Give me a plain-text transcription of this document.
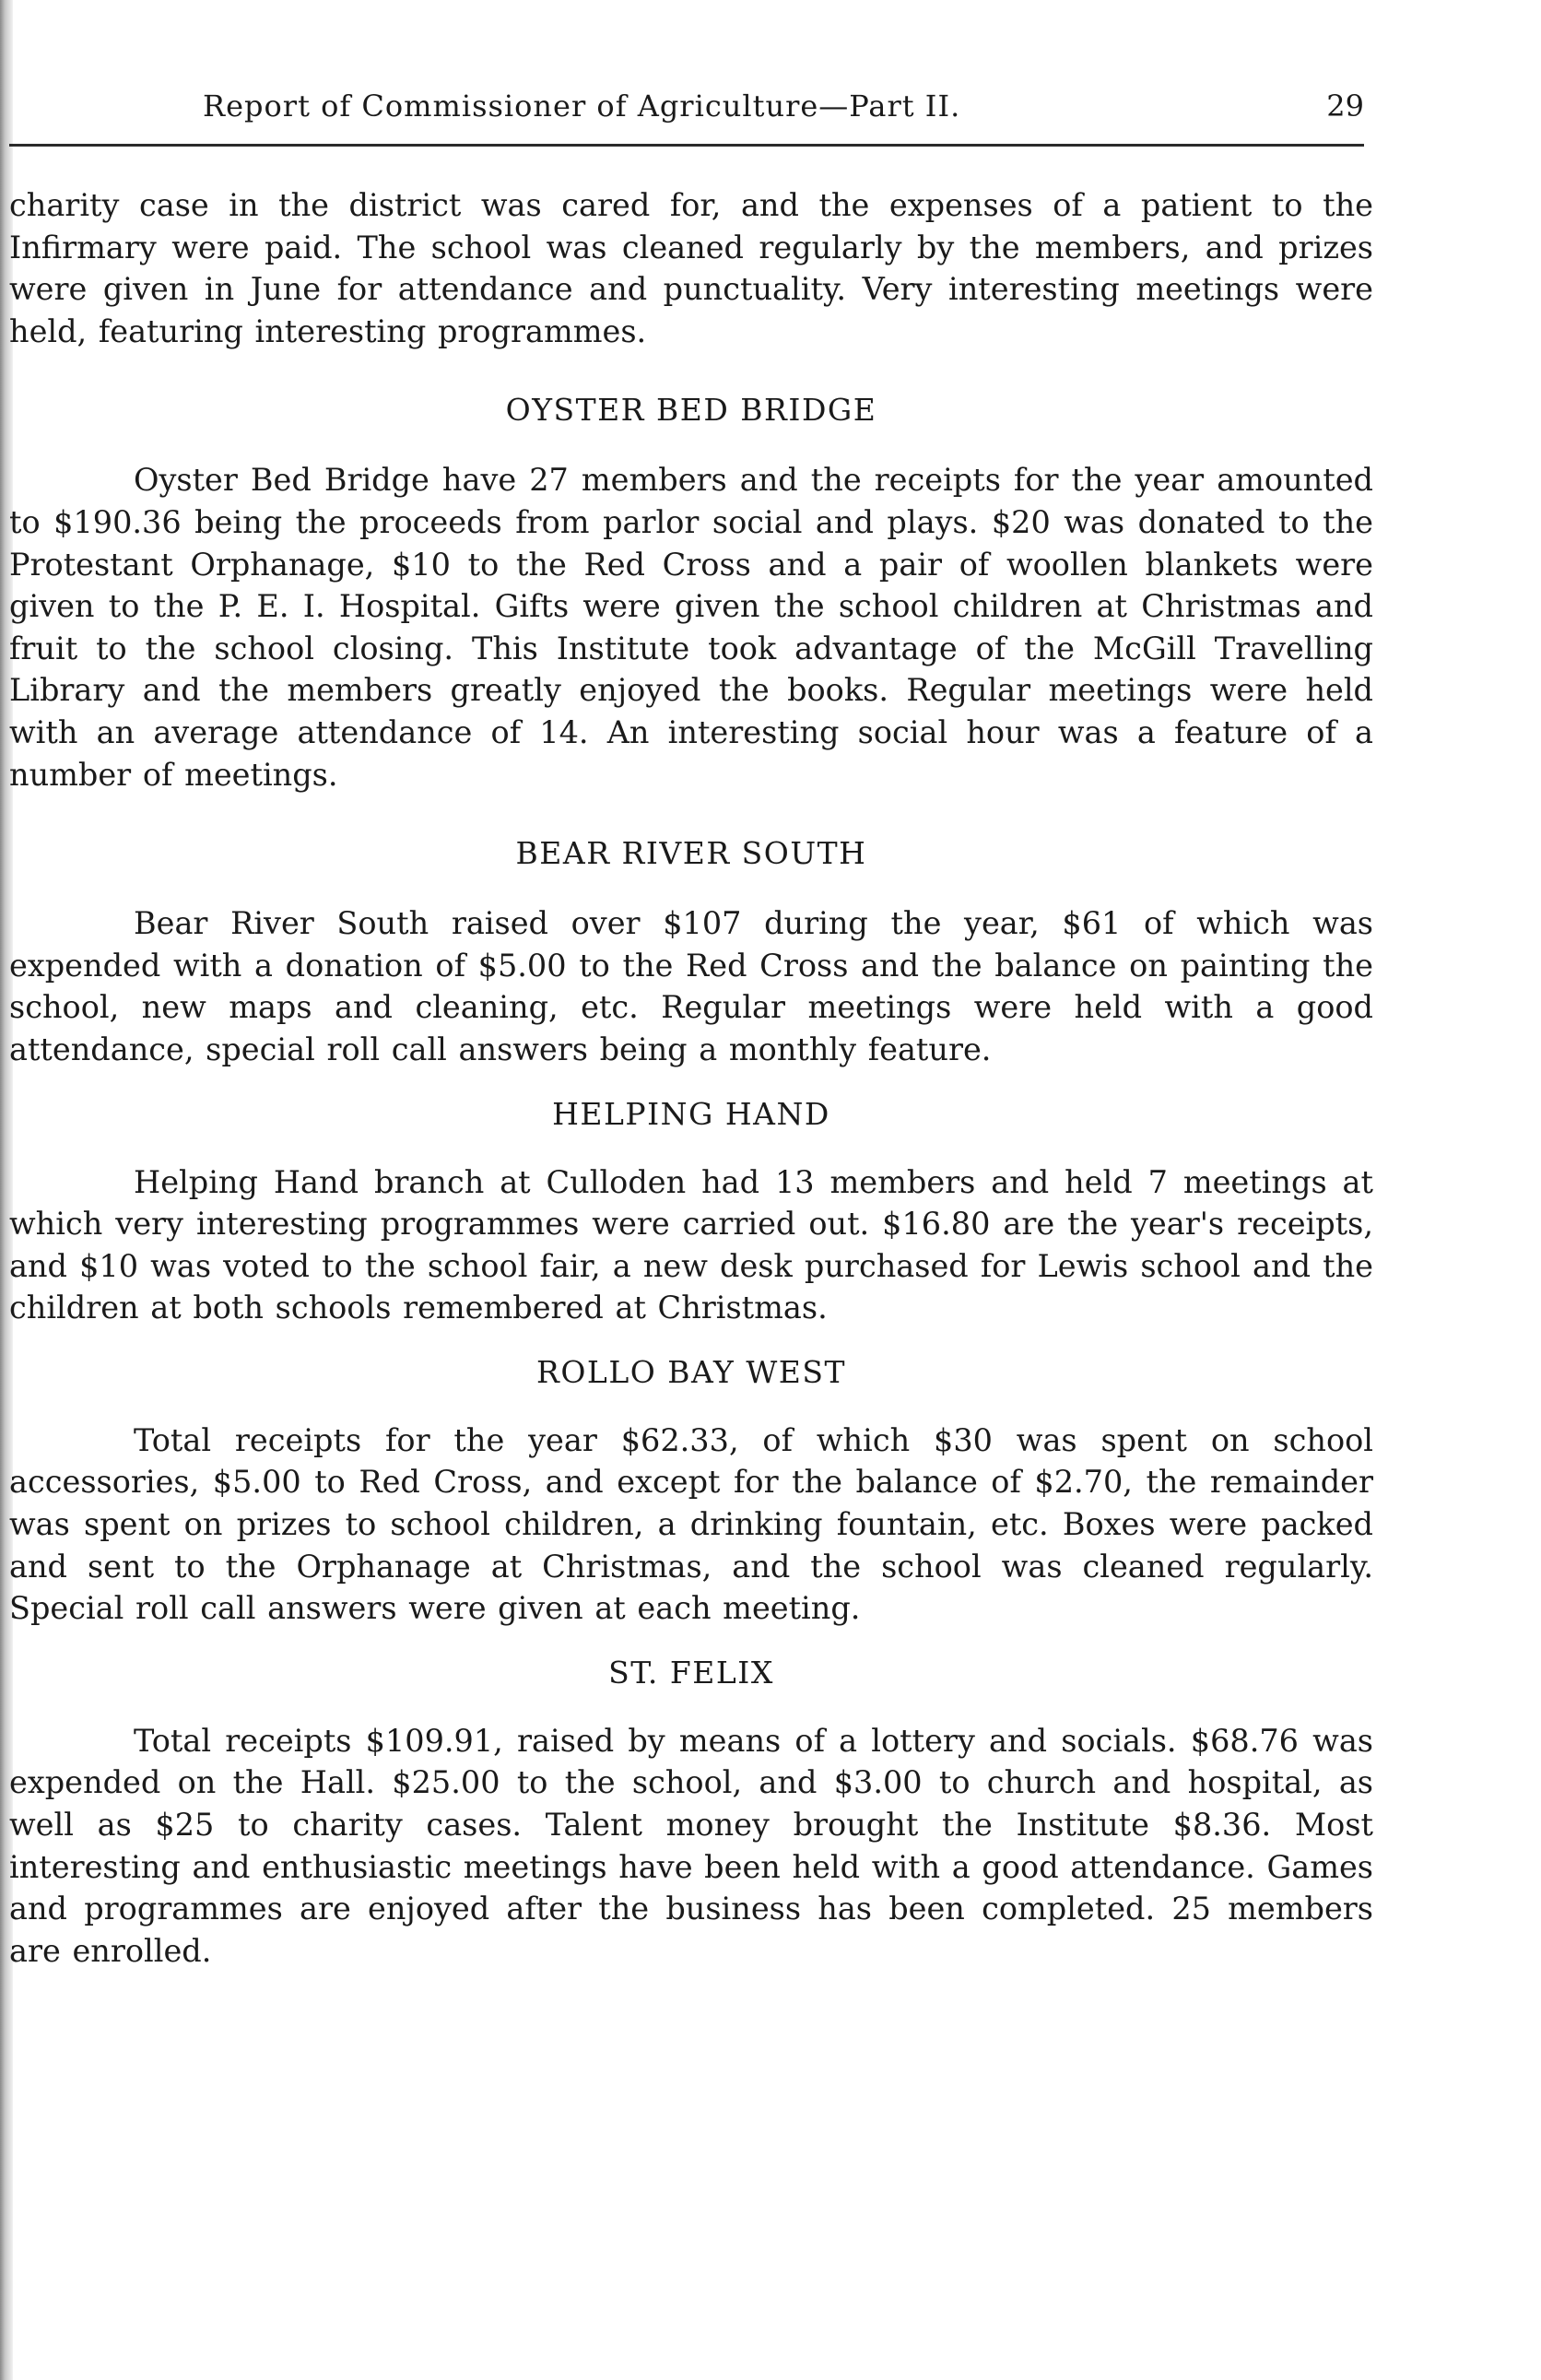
Report of Commissioner of Agriculture—Part II.	29

charity case in the district was cared for, and the expenses of a patient to the Infirmary were paid. The school was cleaned regularly by the members, and prizes were given in June for attendance and punctuality. Very interesting meetings were held, featuring interesting programmes.

OYSTER BED BRIDGE

Oyster Bed Bridge have 27 members and the receipts for the year amounted to $190.36 being the proceeds from parlor social and plays. $20 was donated to the Protestant Orphanage, $10 to the Red Cross and a pair of woollen blankets were given to the P. E. I. Hospital. Gifts were given the school children at Christmas and fruit to the school closing. This Institute took advantage of the McGill Travelling Library and the members greatly enjoyed the books. Regular meetings were held with an average attendance of 14. An interesting social hour was a feature of a number of meetings.

BEAR RIVER SOUTH

Bear River South raised over $107 during the year, $61 of which was expended with a donation of $5.00 to the Red Cross and the balance on painting the school, new maps and cleaning, etc. Regular meetings were held with a good attendance, special roll call answers being a monthly feature.

HELPING HAND

Helping Hand branch at Culloden had 13 members and held 7 meetings at which very interesting programmes were carried out. $16.80 are the year's receipts, and $10 was voted to the school fair, a new desk purchased for Lewis school and the children at both schools remembered at Christmas.

ROLLO BAY WEST

Total receipts for the year $62.33, of which $30 was spent on school accessories, $5.00 to Red Cross, and except for the balance of $2.70, the remainder was spent on prizes to school children, a drinking fountain, etc. Boxes were packed and sent to the Orphanage at Christmas, and the school was cleaned regularly. Special roll call answers were given at each meeting.

ST. FELIX

Total receipts $109.91, raised by means of a lottery and socials. $68.76 was expended on the Hall. $25.00 to the school, and $3.00 to church and hospital, as well as $25 to charity cases. Talent money brought the Institute $8.36. Most interesting and enthusiastic meetings have been held with a good attendance. Games and programmes are enjoyed after the business has been completed. 25 members are enrolled.
